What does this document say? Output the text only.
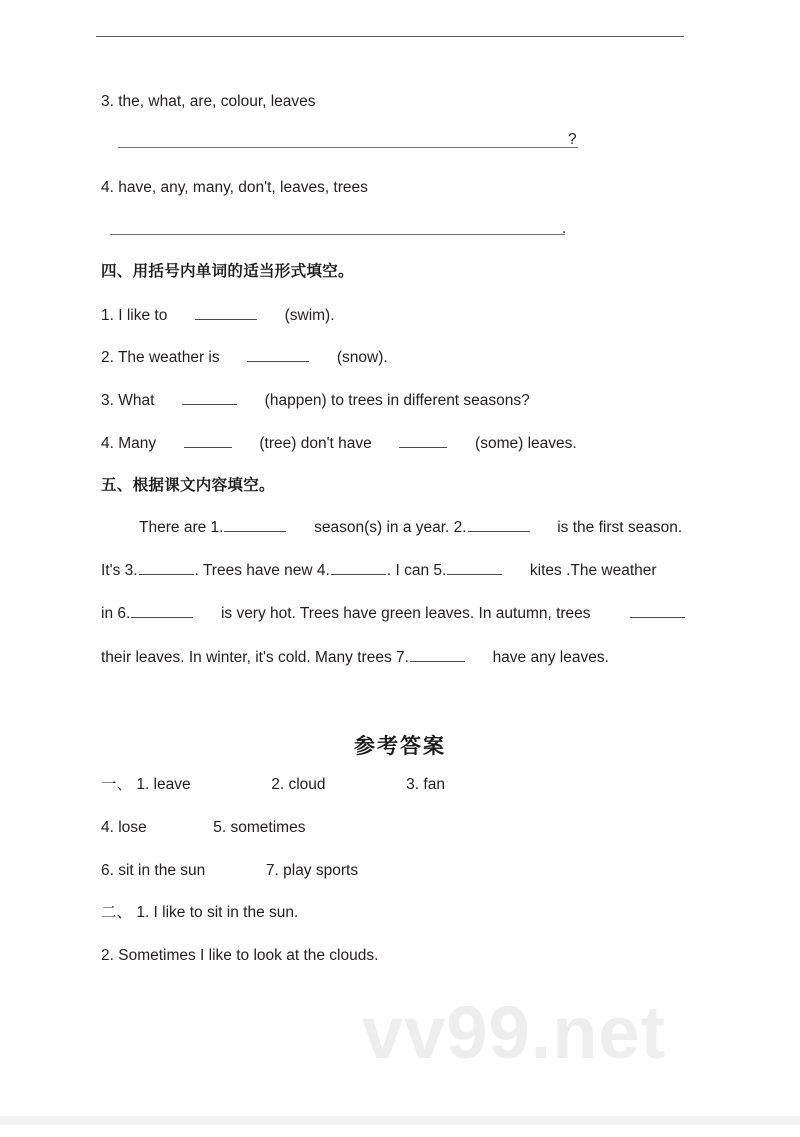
3. the, what, are, colour, leaves
?
4. have, any, many, don't, leaves, trees
.
四、用括号内单词的适当形式填空。
1. I like to	(swim).
2. The weather is	(snow).
3. What	(happen) to trees in different seasons?
4. Many	(tree) don't have	(some) leaves.
五、根据课文内容填空。
There are 1.	season(s) in a year. 2.	is the first season.
It's 3.	. Trees have new 4.	. I can 5.	kites .The weather
in 6.	is very hot. Trees have green leaves. In autumn, trees
their leaves. In winter, it's cold. Many trees 7.	have any leaves.
参考答案
一、 1. leave	2. cloud	3. fan
4. lose	5. sometimes
6. sit in the sun	7. play sports
二、 1. I like to sit in the sun.
2. Sometimes I like to look at the clouds.
vv99.net
